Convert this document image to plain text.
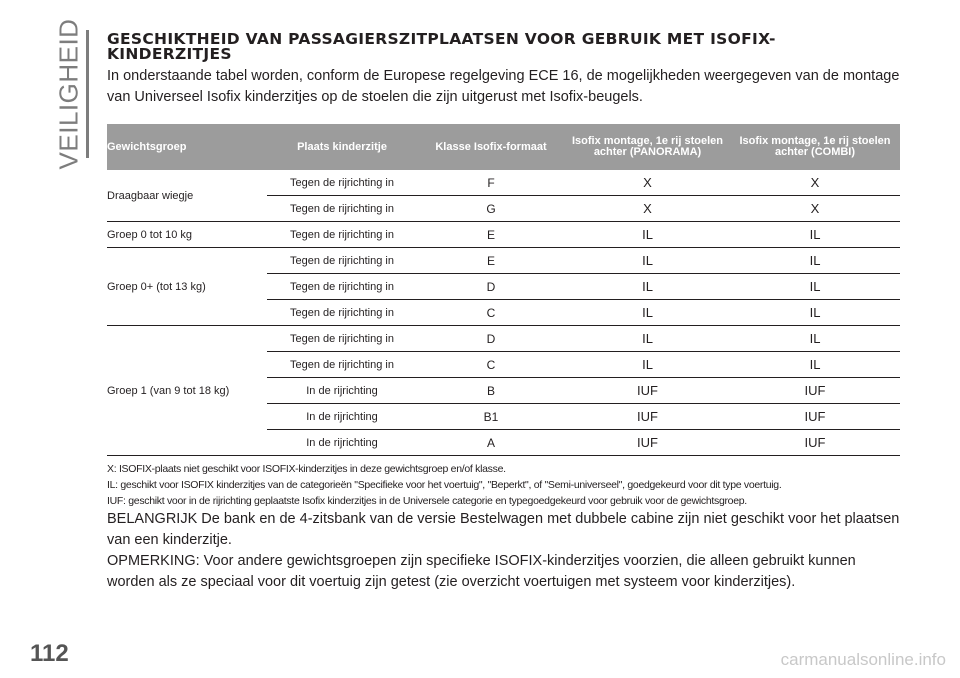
VEILIGHEID GESCHIKTHEID VAN PASSAGIERSZITPLAATSEN VOOR GEBRUIK MET ISOFIX-KINDERZITJES

In onderstaande tabel worden, conform de Europese regelgeving ECE 16, de mogelijkheden weergegeven van de montage van Universeel Isofix kinderzitjes op de stoelen die zijn uitgerust met Isofix-beugels.

Gewichtsgroep	Plaats kinderzitje	Klasse Isofix-formaat	Isofix montage, 1e rij stoelen achter (PANORAMA)	Isofix montage, 1e rij stoelen achter (COMBI)
Draagbaar wiegje	Tegen de rijrichting in	F	X	X
	Tegen de rijrichting in	G	X	X
Groep 0 tot 10 kg	Tegen de rijrichting in	E	IL	IL
Groep 0+ (tot 13 kg)	Tegen de rijrichting in	E	IL	IL
	Tegen de rijrichting in	D	IL	IL
	Tegen de rijrichting in	C	IL	IL
Groep 1 (van 9 tot 18 kg)	Tegen de rijrichting in	D	IL	IL
	Tegen de rijrichting in	C	IL	IL
	In de rijrichting	B	IUF	IUF
	In de rijrichting	B1	IUF	IUF
	In de rijrichting	A	IUF	IUF
X: ISOFIX-plaats niet geschikt voor ISOFIX-kinderzitjes in deze gewichtsgroep en/of klasse.
IL: geschikt voor ISOFIX kinderzitjes van de categorieën "Specifieke voor het voertuig", "Beperkt", of "Semi-universeel", goedgekeurd voor dit type voertuig.
IUF: geschikt voor in de rijrichting geplaatste Isofix kinderzitjes in de Universele categorie en typegoedgekeurd voor gebruik voor de gewichtsgroep.

BELANGRIJK De bank en de 4-zitsbank van de versie Bestelwagen met dubbele cabine zijn niet geschikt voor het plaatsen van een kinderzitje.

OPMERKING: Voor andere gewichtsgroepen zijn specifieke ISOFIX-kinderzitjes voorzien, die alleen gebruikt kunnen worden als ze speciaal voor dit voertuig zijn getest (zie overzicht voertuigen met systeem voor kinderzitjes).

112	carmanualsonline.info
